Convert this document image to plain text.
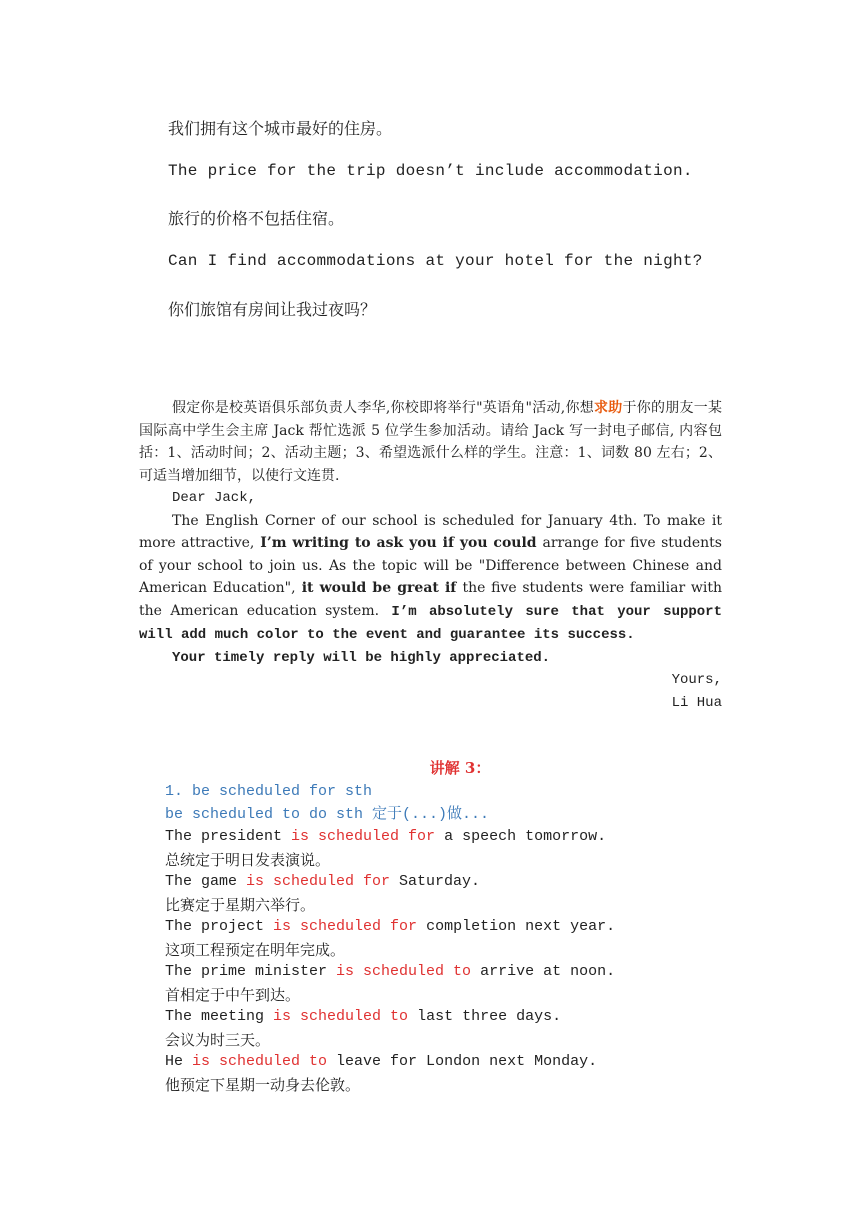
我们拥有这个城市最好的住房。
The price for the trip doesn’t include accommodation.
旅行的价格不包括住宿。
Can I find accommodations at your hotel for the night?
你们旅馆有房间让我过夜吗？

假定你是校英语俱乐部负责人李华,你校即将举行"英语角"活动,你想求助于你的朋友一某国际高中学生会主席 Jack 帮忙选派 5 位学生参加活动。请给 Jack 写一封电子邮信, 内容包括：1、活动时间；2、活动主题；3、希望选派什么样的学生。注意：1、词数 80 左右；2、可适当增加细节，以使行文连贯.

Dear Jack,

The English Corner of our school is scheduled for January 4th. To make it more attractive, I’m writing to ask you if you could arrange for five students of your school to join us. As the topic will be "Difference between Chinese and American Education", it would be great if the five students were familiar with the American education system. I’m absolutely sure that your support will add much color to the event and guarantee its success.

Your timely reply will be highly appreciated.

Yours,

Li Hua

讲解 3：
1. be scheduled for sth
be scheduled to do sth 定于(...)做...
The president is scheduled for a speech tomorrow.
总统定于明日发表演说。
The game is scheduled for Saturday.
比赛定于星期六举行。
The project is scheduled for completion next year.
这项工程预定在明年完成。
The prime minister is scheduled to arrive at noon.
首相定于中午到达。
The meeting is scheduled to last three days.
会议为时三天。
He is scheduled to leave for London next Monday.
他预定下星期一动身去伦敦。
